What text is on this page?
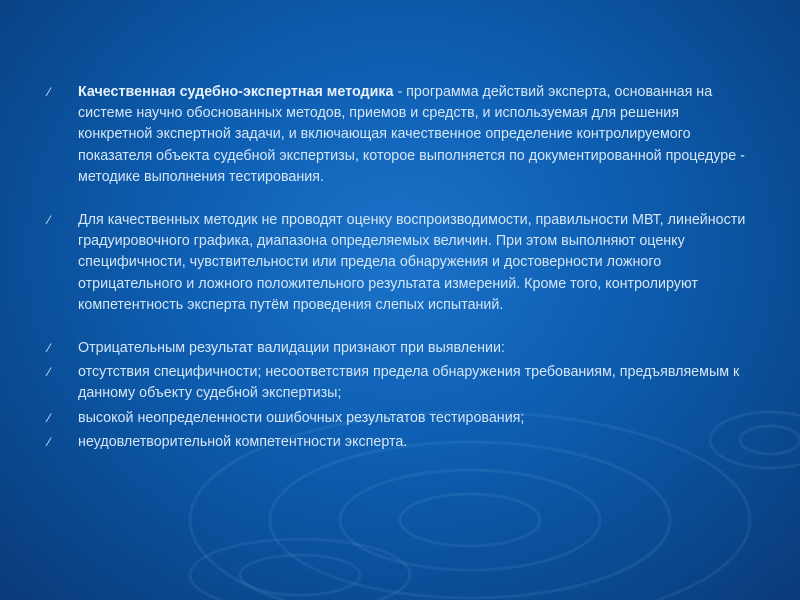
⁄ Качественная судебно-экспертная методика - программа действий эксперта, основанная на системе научно обоснованных методов, приемов и средств, и используемая для решения конкретной экспертной задачи, и включающая качественное определение контролируемого показателя объекта судебной экспертизы, которое выполняется по документированной процедуре - методике выполнения тестирования.
⁄ Для качественных методик не проводят оценку воспроизводимости, правильности МВТ, линейности градуировочного графика, диапазона определяемых величин. При этом выполняют оценку специфичности, чувствительности или предела обнаружения и достоверности ложного отрицательного и ложного положительного результата измерений. Кроме того, контролируют компетентность эксперта путём проведения слепых испытаний.
⁄ Отрицательным результат валидации признают при выявлении:
⁄ отсутствия специфичности; несоответствия предела обнаружения требованиям, предъявляемым к данному объекту судебной экспертизы;
⁄ высокой неопределенности ошибочных результатов тестирования;
⁄ неудовлетворительной компетентности эксперта.
